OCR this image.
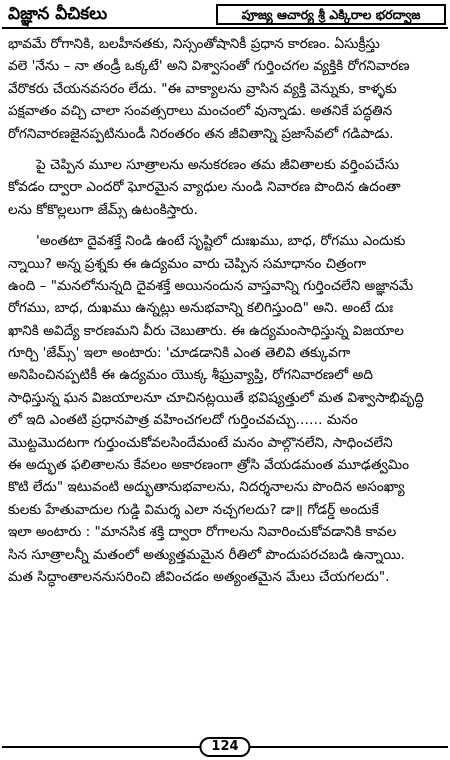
విజ్ఞాన వీచికలు	పూజ్య ఆచార్య శ్రీ ఎక్కిరాల భరద్వాజ
భావమే రోగానికి, బలహీనతకు, నిస్సంతోషానికీ ప్రధాన కారణం. ఏసుక్రీస్తు
వలె 'నేను – నా తండ్రీ ఒక్కటే' అని విశ్వాసంతో గుర్తించగల వ్యక్తికి రోగనివారణ
వేరొకరు చేయనవసరం లేదు. "ఈ వాక్యాలను వ్రాసిన వ్యక్తి వెన్నుకు, కాళ్ళకు
పక్షవాతం వచ్చి చాలా సంవత్సరాలు మంచంలో వున్నాడు. అతనికే పద్ధతిన
రోగనివారణజైనప్పటినుండీ నిరంతరం తన జీవితాన్ని ప్రజాసేవలో గడిపాడు.
పై చెప్పిన మూల సూత్రాలను అనుకరణం తమ జీవితాలకు వర్తింపచేసు
కోవడం ద్వారా ఎందరో ఘోరమైన వ్యాధుల నుండి నివారణ పొందిన ఉదంతా
లను కోకొల్లలుగా జేమ్స్ ఉటంకిస్తారు.
'అంతటా దైవశక్తే నిండి ఉంటే సృష్టిలో దుఃఖము, బాధ, రోగము ఎందుకు
న్నాయి? అన్న ప్రశ్నకు ఈ ఉద్యమం వారు చెప్పిన సమాధానం చిత్రంగా
ఉంది – "మనలోనున్నది దైవశక్తే అయినందున వాస్తవాన్ని గుర్తించలేని అజ్ఞానమే
రోగము, బాధ, దుఖము ఉన్నట్లు అనుభవాన్ని కలిగిస్తుంది" అని. అంటే దుః
ఖానికి అవిద్యే కారణమని వీరు చెబుతారు. ఈ ఉద్యమంసాధిస్తున్న విజయాల
గూర్చి 'జేమ్స్' ఇలా అంటారు: 'చూడడానికి ఎంత తెలివి తక్కువగా
అనిపించినప్పటికీ ఈ ఉద్యమం యొక్క శీఘ్రవ్యాప్తి, రోగనివారణలో అది
సాధిస్తున్న ఘన విజయాలనూ చూచినట్లయితే భవిష్యత్తులో మత విశ్వాసాభివృద్ధి
లో ఇది ఎంతటి ప్రధానపాత్ర వహించగలదో గుర్తించవచ్చు…… మనం
మొట్టమొదటగా గుర్తుంచుకోవలసిందేమంటే మనం పాల్గొనలేని, సాధించలేని
ఈ అద్భుత ఫలితాలను కేవలం అకారణంగా త్రోసి వేయడమంత మూఢత్వమిం
కొటి లేదు" ఇటువంటి అద్భుతానుభవాలను, నిదర్శనాలను పొందిన అసంఖ్యా
కులకు హేతువాదుల గుడ్డి విమర్శ ఎలా నచ్చగలదు? డా॥ గోడర్డ్ అందుకే
ఇలా అంటారు : "మానసిక శక్తి ద్వారా రోగాలను నివారించుకోవడానికి కావల
సిన సూత్రాలన్నీ మతంలో అత్యుత్తమమైన రీతిలో పొందుపరచబడి ఉన్నాయి.
మత సిద్ధాంతాలననుసరించి జీవించడం అత్యంతమైన మేలు చేయగలదు".
124
